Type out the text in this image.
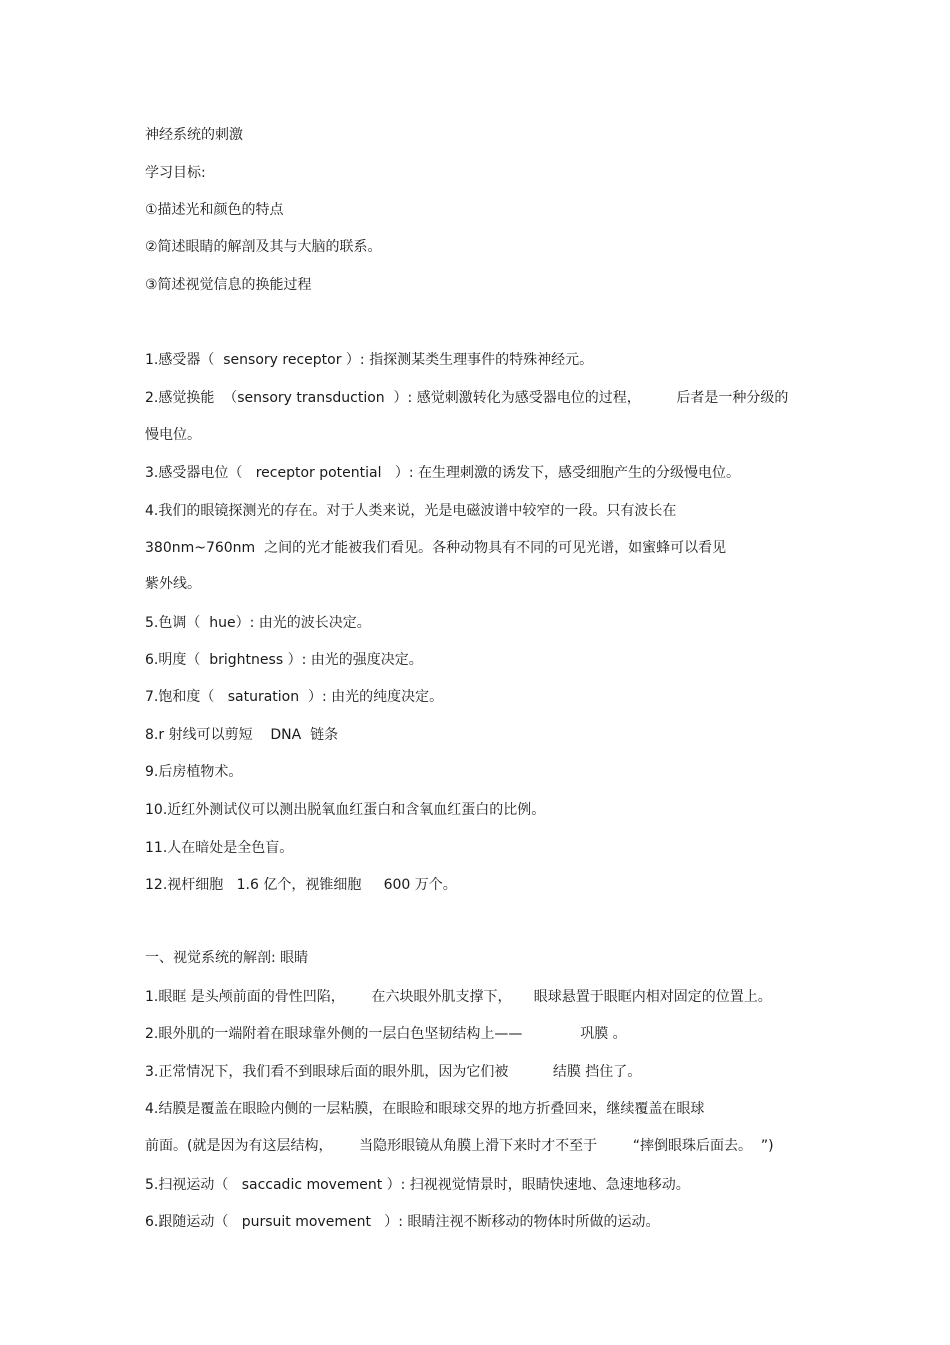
神经系统的刺激

学习目标:

①描述光和颜色的特点

②简述眼睛的解剖及其与大脑的联系。

③简述视觉信息的换能过程

1.感受器（  sensory receptor ）: 指探测某类生理事件的特殊神经元。

2.感觉换能  （sensory transduction  ）: 感觉刺激转化为感受器电位的过程，        后者是一种分级的

慢电位。

3.感受器电位（   receptor potential   ）: 在生理刺激的诱发下，感受细胞产生的分级慢电位。

4.我们的眼镜探测光的存在。对于人类来说，光是电磁波谱中较窄的一段。只有波长在

380nm~760nm  之间的光才能被我们看见。各种动物具有不同的可见光谱，如蜜蜂可以看见

紫外线。

5.色调（  hue）: 由光的波长决定。

6.明度（  brightness ）: 由光的强度决定。

7.饱和度（   saturation  ）: 由光的纯度决定。

8.r 射线可以剪短    DNA  链条

9.后房植物术。

10.近红外测试仪可以测出脱氧血红蛋白和含氧血红蛋白的比例。

11.人在暗处是全色盲。

12.视杆细胞   1.6 亿个，视锥细胞     600 万个。

一、视觉系统的解剖: 眼睛

1.眼眶 是头颅前面的骨性凹陷，      在六块眼外肌支撑下，     眼球悬置于眼眶内相对固定的位置上。

2.眼外肌的一端附着在眼球靠外侧的一层白色坚韧结构上——             巩膜 。

3.正常情况下，我们看不到眼球后面的眼外肌，因为它们被          结膜 挡住了。

4.结膜是覆盖在眼睑内侧的一层粘膜，在眼睑和眼球交界的地方折叠回来，继续覆盖在眼球

前面。(就是因为有这层结构，      当隐形眼镜从角膜上滑下来时才不至于        “摔倒眼珠后面去。  ”)

5.扫视运动（   saccadic movement ）: 扫视视觉情景时，眼睛快速地、急速地移动。

6.跟随运动（   pursuit movement   ）: 眼睛注视不断移动的物体时所做的运动。
